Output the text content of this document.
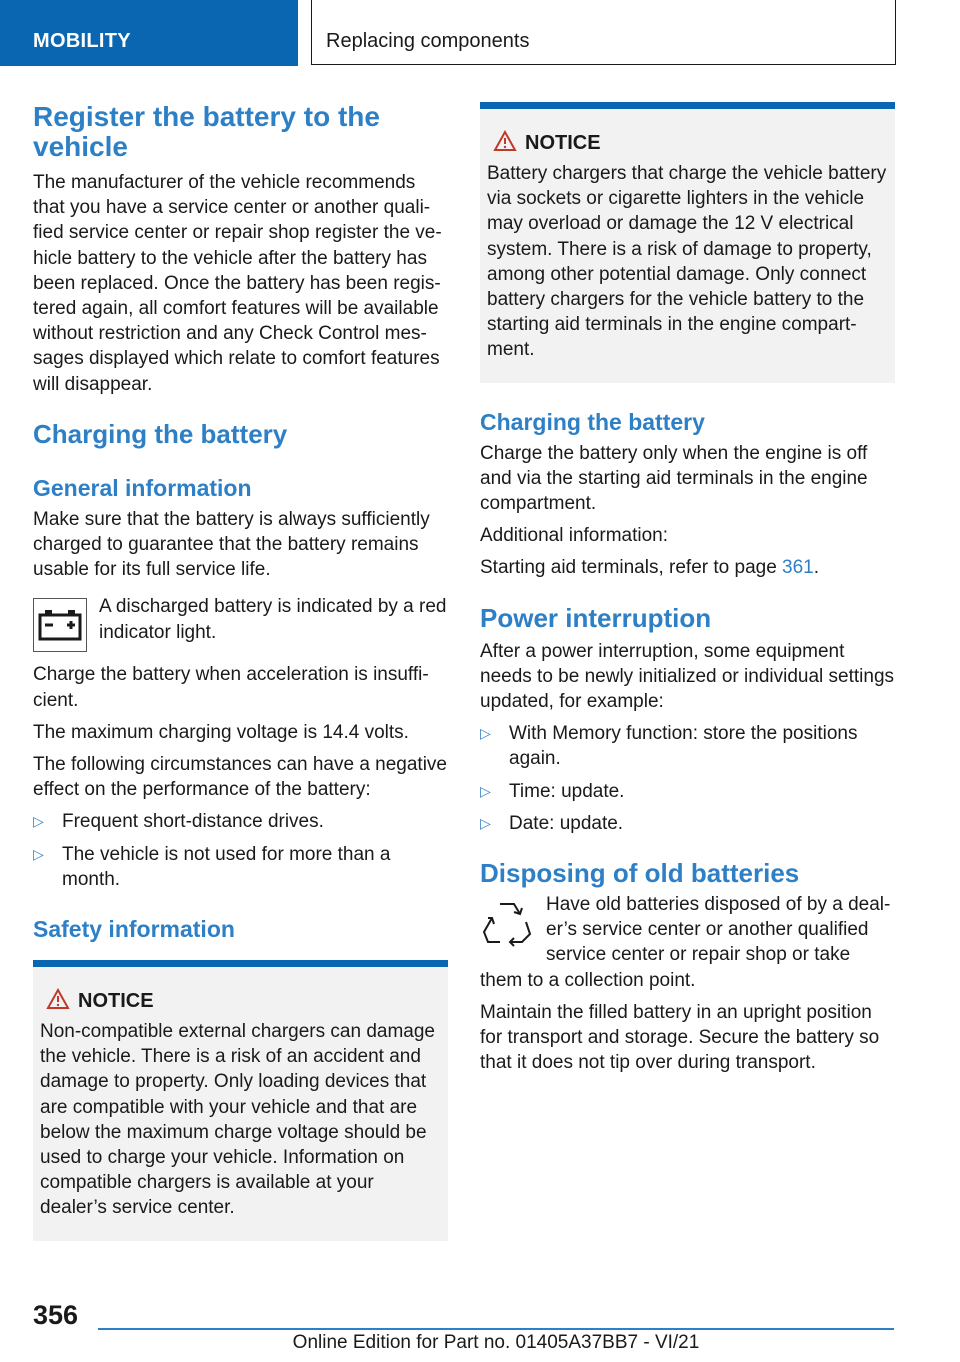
MOBILITY	Replacing components
Register the battery to the vehicle

The manufacturer of the vehicle recommends that you have a service center or another quali‐fied service center or repair shop register the ve‐hicle battery to the vehicle after the battery has been replaced. Once the battery has been regis‐tered again, all comfort features will be available without restriction and any Check Control mes‐sages displayed which relate to comfort features will disappear.

Charging the battery
General information

Make sure that the battery is always sufficiently charged to guarantee that the battery remains usable for its full service life.

A discharged battery is indicated by a red indicator light.

Charge the battery when acceleration is insuffi‐cient.

The maximum charging voltage is 14.4 volts.

The following circumstances can have a negative effect on the performance of the battery:

▷ Frequent short-distance drives.
▷ The vehicle is not used for more than a month.
Safety information
NOTICE

Non-compatible external chargers can damage the vehicle. There is a risk of an accident and damage to property. Only loading devices that are compatible with your vehicle and that are below the maximum charge voltage should be used to charge your vehicle. Information on compatible chargers is available at your dealer’s service center.

NOTICE

Battery chargers that charge the vehicle battery via sockets or cigarette lighters in the vehicle may overload or damage the 12 V electrical system. There is a risk of damage to property, among other potential damage. Only connect battery chargers for the vehicle battery to the starting aid terminals in the engine compart‐ment.

Charging the battery

Charge the battery only when the engine is off and via the starting aid terminals in the engine compartment.

Additional information:

Starting aid terminals, refer to page 361.

Power interruption

After a power interruption, some equipment needs to be newly initialized or individual settings updated, for example:

▷ With Memory function: store the positions again.
▷ Time: update.
▷ Date: update.
Disposing of old batteries

Have old batteries disposed of by a deal‐er’s service center or another qualified service center or repair shop or take them to a collection point.

Maintain the filled battery in an upright position for transport and storage. Secure the battery so that it does not tip over during transport.

356
Online Edition for Part no. 01405A37BB7 - VI/21
